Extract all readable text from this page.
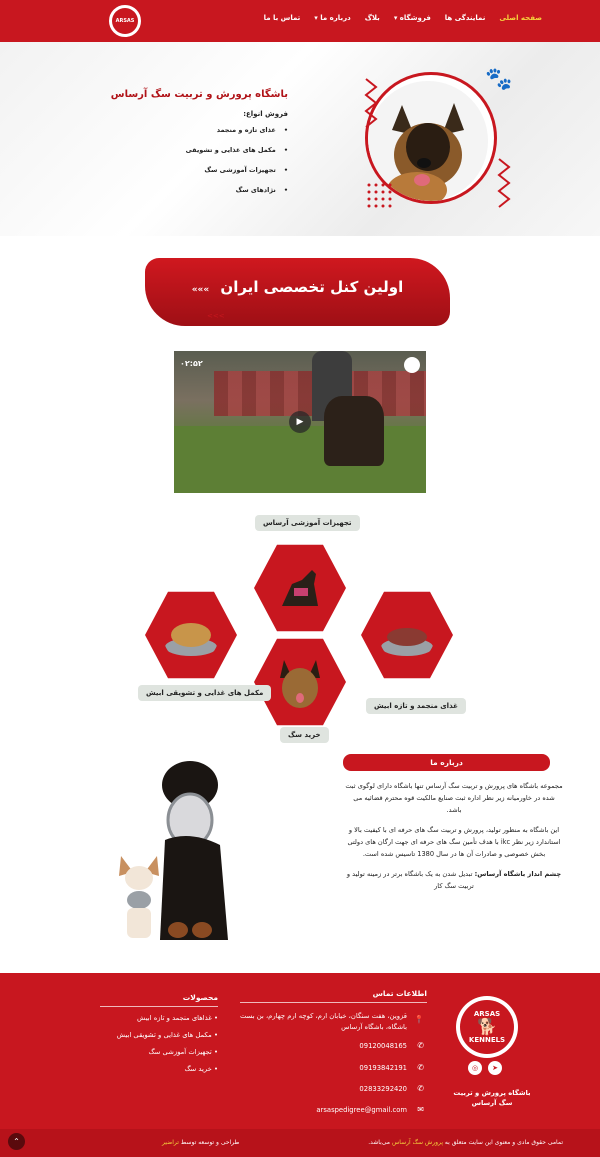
ARSAS	صفحه اصلی
نمایندگی ها
فروشگاه ▾
بلاگ
درباره ما ▾
تماس با ما
باشگاه پرورش و تربیت سگ آرساس
فروش انواع:
• غذای تازه و منجمد
• مکمل های غذایی و تشویقی
• تجهیزات آموزشی سگ
• نژادهای سگ
🐾
اولین کنل تخصصی ایران »»»
>>>
▶
۰۲:۵۲
تجهیزات آموزشی آرساس
مکمل های غذایی و تشویقی ابیش
غذای منجمد و تازه ابیش
خرید سگ
درباره ما

مجموعه باشگاه های پرورش و تربیت سگ آرساس تنها باشگاه دارای لوگوی ثبت شده در خاورمیانه زیر نظر اداره ثبت صنایع مالکیت قوه محترم قضائیه می باشد.

این باشگاه به منظور تولید، پرورش و تربیت سگ های حرفه ای با کیفیت بالا و استاندارد زیر نظر ikc با هدف تأمین سگ های حرفه ای جهت ارگان های دولتی بخش خصوصی و صادرات آن ها در سال 1380 تاسیس شده است.

چشم انداز باشگاه آرساس: تبدیل شدن به یک باشگاه برتر در زمینه تولید و تربیت سگ کار

ARSAS
🐕
KENNELS
◎	➤
باشگاه پرورش و تربیت سگ آرساس
اطلاعات تماس
📍
قزوین، هفت سنگان، خیابان ارم، کوچه ارم چهارم، بن بست باشگاه، باشگاه آرساس
✆
09120048165
✆
09193842191
✆
02833292420
✉
arsaspedigree@gmail.com
محصولات
• غذاهای منجمد و تازه ابیش
• مکمل های غذایی و تشویقی ابیش
• تجهیزات آموزشی سگ
• خرید سگ
تمامی حقوق مادی و معنوی این سایت متعلق به پرورش سگ آرساس می‌باشد.
طراحی و توسعه توسط تراضیر
⌃
